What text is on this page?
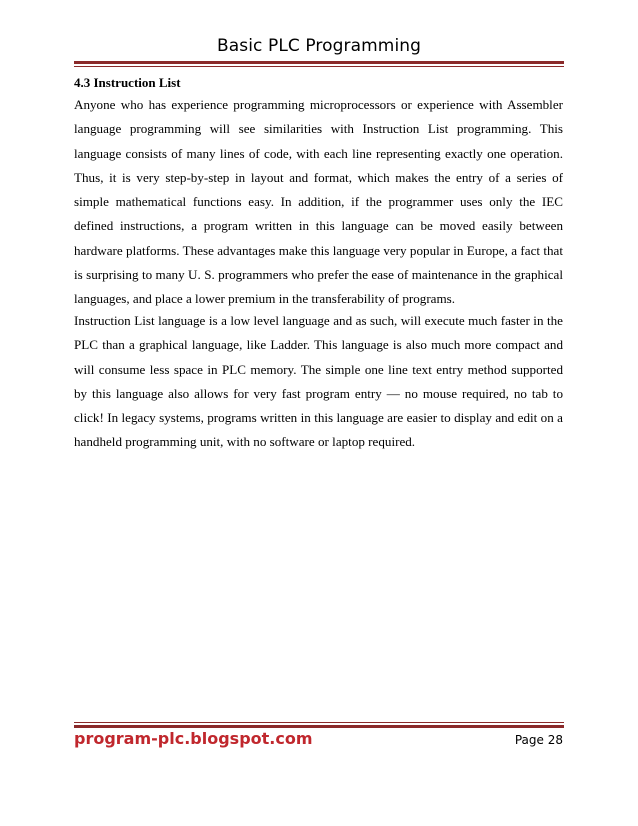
Basic PLC Programming
4.3 Instruction List

Anyone who has experience programming microprocessors or experience with Assembler language programming will see similarities with Instruction List programming. This language consists of many lines of code, with each line representing exactly one operation. Thus, it is very step-by-step in layout and format, which makes the entry of a series of simple mathematical functions easy. In addition, if the programmer uses only the IEC defined instructions, a program written in this language can be moved easily between hardware platforms. These advantages make this language very popular in Europe, a fact that is surprising to many U. S. programmers who prefer the ease of maintenance in the graphical languages, and place a lower premium in the transferability of programs.

Instruction List language is a low level language and as such, will execute much faster in the PLC than a graphical language, like Ladder. This language is also much more compact and will consume less space in PLC memory. The simple one line text entry method supported by this language also allows for very fast program entry — no mouse required, no tab to click! In legacy systems, programs written in this language are easier to display and edit on a handheld programming unit, with no software or laptop required.

program-plc.blogspot.com	Page 28
